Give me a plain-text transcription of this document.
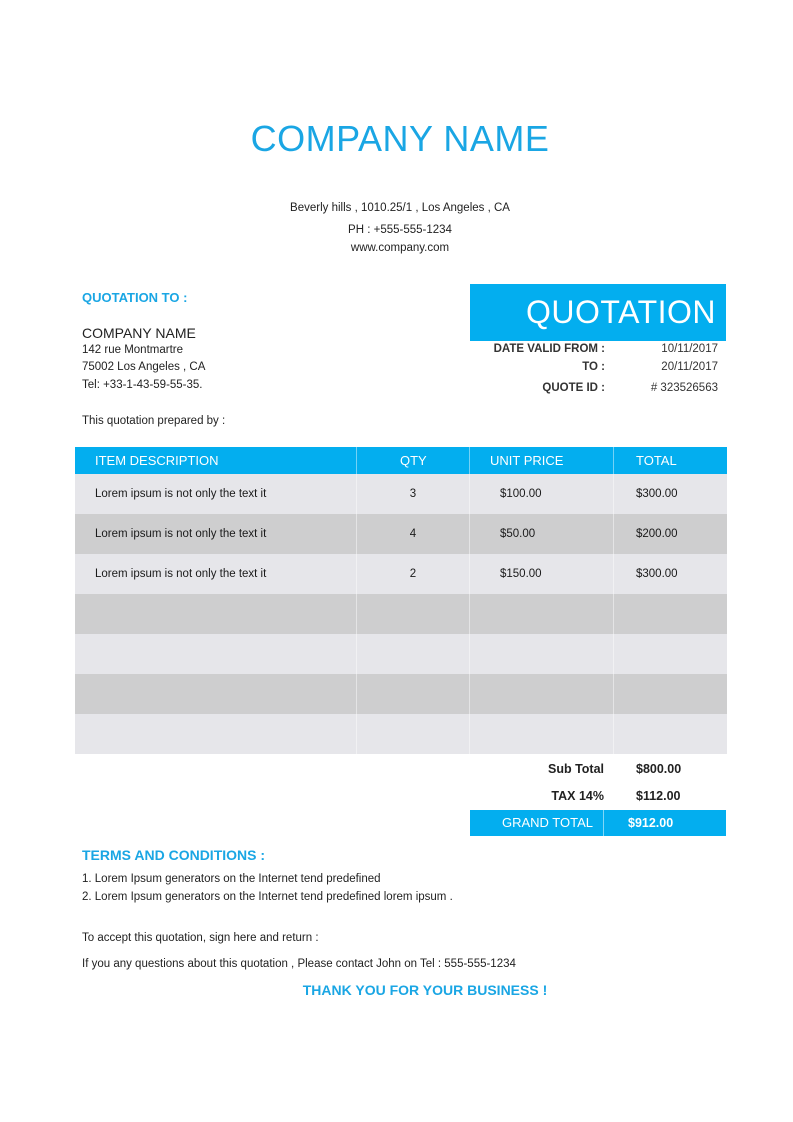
COMPANY NAME
Beverly hills , 1010.25/1 , Los Angeles , CA
PH : +555-555-1234
www.company.com
QUOTATION TO :
COMPANY NAME
142 rue Montmartre
75002 Los Angeles , CA
Tel: +33-1-43-59-55-35.
QUOTATION
DATE VALID FROM :	10/11/2017
TO :	20/11/2017
QUOTE ID :	# 323526563
This quotation prepared by :
ITEM DESCRIPTION	QTY	UNIT PRICE	TOTAL
Lorem ipsum is not only the text it	3	$100.00	$300.00
Lorem ipsum is not only the text it	4	$50.00	$200.00
Lorem ipsum is not only the text it	2	$150.00	$300.00
Sub Total	$800.00
TAX 14%	$112.00
GRAND TOTAL	$912.00
TERMS AND CONDITIONS :
1. Lorem Ipsum generators on the Internet tend predefined
2. Lorem Ipsum generators on the Internet tend predefined lorem ipsum .
To accept this quotation, sign here and return :
If you any questions about this quotation , Please contact John on Tel : 555-555-1234
THANK YOU FOR YOUR BUSINESS !
